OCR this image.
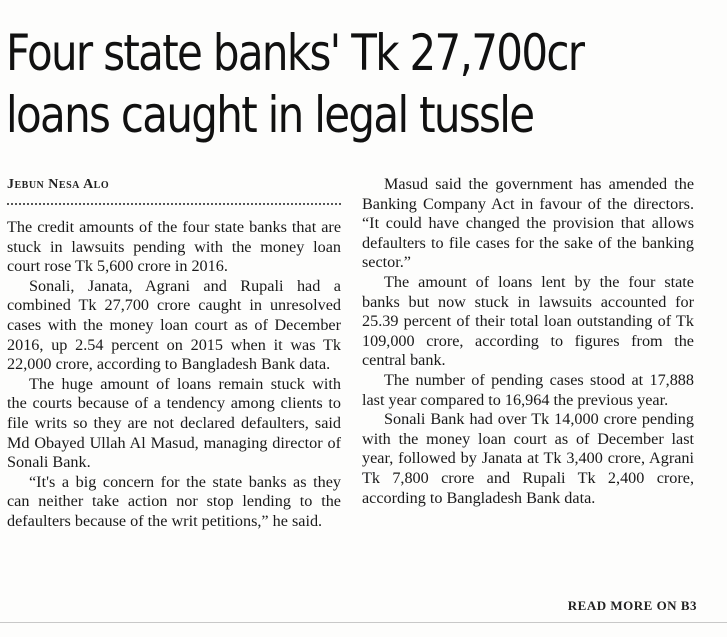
Four state banks' Tk 27,700cr
loans caught in legal tussle
Jebun Nesa Alo

The credit amounts of the four state banks that are stuck in lawsuits pending with the money loan court rose Tk 5,600 crore in 2016.

Sonali, Janata, Agrani and Rupali had a combined Tk 27,700 crore caught in unresolved cases with the money loan court as of December 2016, up 2.54 percent on 2015 when it was Tk 22,000 crore, according to Bangladesh Bank data.

The huge amount of loans remain stuck with the courts because of a tendency among clients to file writs so they are not declared defaulters, said Md Obayed Ullah Al Masud, managing director of Sonali Bank.

“It's a big concern for the state banks as they can neither take action nor stop lending to the defaulters because of the writ petitions,” he said.

Masud said the government has amended the Banking Company Act in favour of the directors. “It could have changed the provision that allows defaulters to file cases for the sake of the banking sector.”

The amount of loans lent by the four state banks but now stuck in lawsuits accounted for 25.39 percent of their total loan outstanding of Tk 109,000 crore, according to figures from the central bank.

The number of pending cases stood at 17,888 last year compared to 16,964 the previous year.

Sonali Bank had over Tk 14,000 crore pending with the money loan court as of December last year, followed by Janata at Tk 3,400 crore, Agrani Tk 7,800 crore and Rupali Tk 2,400 crore, according to Bangladesh Bank data.

READ MORE ON B3
